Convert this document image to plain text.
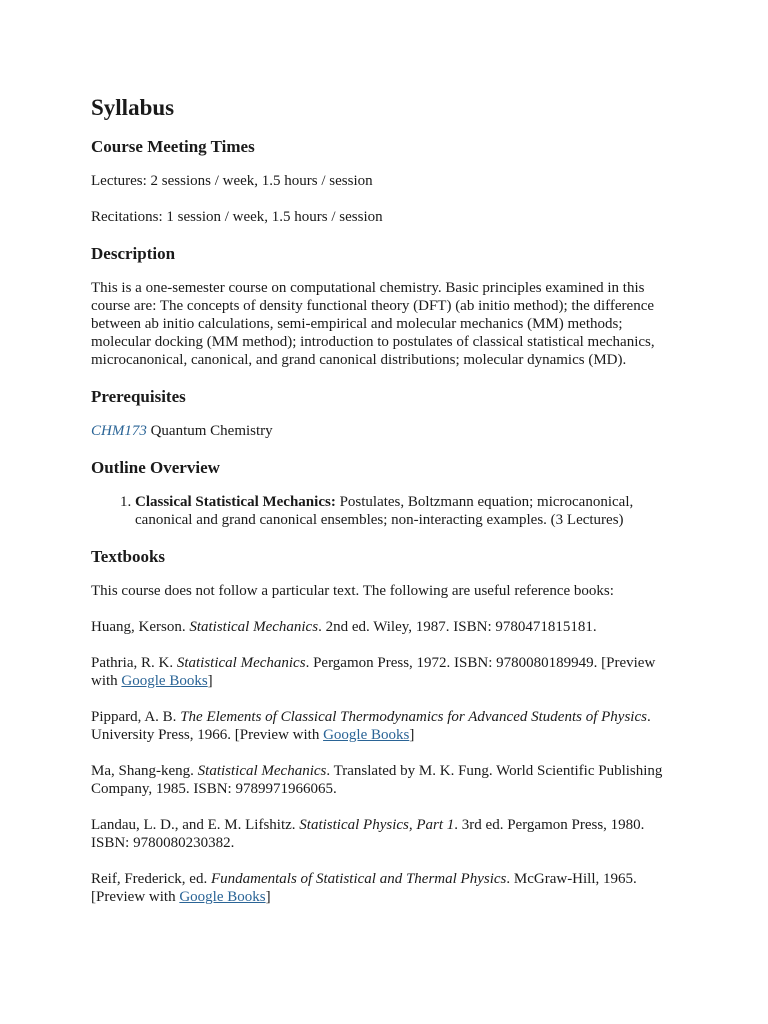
Syllabus
Course Meeting Times

Lectures: 2 sessions / week, 1.5 hours / session

Recitations: 1 session / week, 1.5 hours / session

Description

This is a one-semester course on computational chemistry. Basic principles examined in this course are: The concepts of density functional theory (DFT) (ab initio method); the difference between ab initio calculations, semi-empirical and molecular mechanics (MM) methods; molecular docking (MM method); introduction to postulates of classical statistical mechanics, microcanonical, canonical, and grand canonical distributions; molecular dynamics (MD).

Prerequisites

CHM173 Quantum Chemistry

Outline Overview
1. Classical Statistical Mechanics: Postulates, Boltzmann equation; microcanonical, canonical and grand canonical ensembles; non-interacting examples. (3 Lectures)
Textbooks

This course does not follow a particular text. The following are useful reference books:

Huang, Kerson. Statistical Mechanics. 2nd ed. Wiley, 1987. ISBN: 9780471815181.

Pathria, R. K. Statistical Mechanics. Pergamon Press, 1972. ISBN: 9780080189949. [Preview with Google Books]

Pippard, A. B. The Elements of Classical Thermodynamics for Advanced Students of Physics. University Press, 1966. [Preview with Google Books]

Ma, Shang-keng. Statistical Mechanics. Translated by M. K. Fung. World Scientific Publishing Company, 1985. ISBN: 9789971966065.

Landau, L. D., and E. M. Lifshitz. Statistical Physics, Part 1. 3rd ed. Pergamon Press, 1980. ISBN: 9780080230382.

Reif, Frederick, ed. Fundamentals of Statistical and Thermal Physics. McGraw-Hill, 1965. [Preview with Google Books]
